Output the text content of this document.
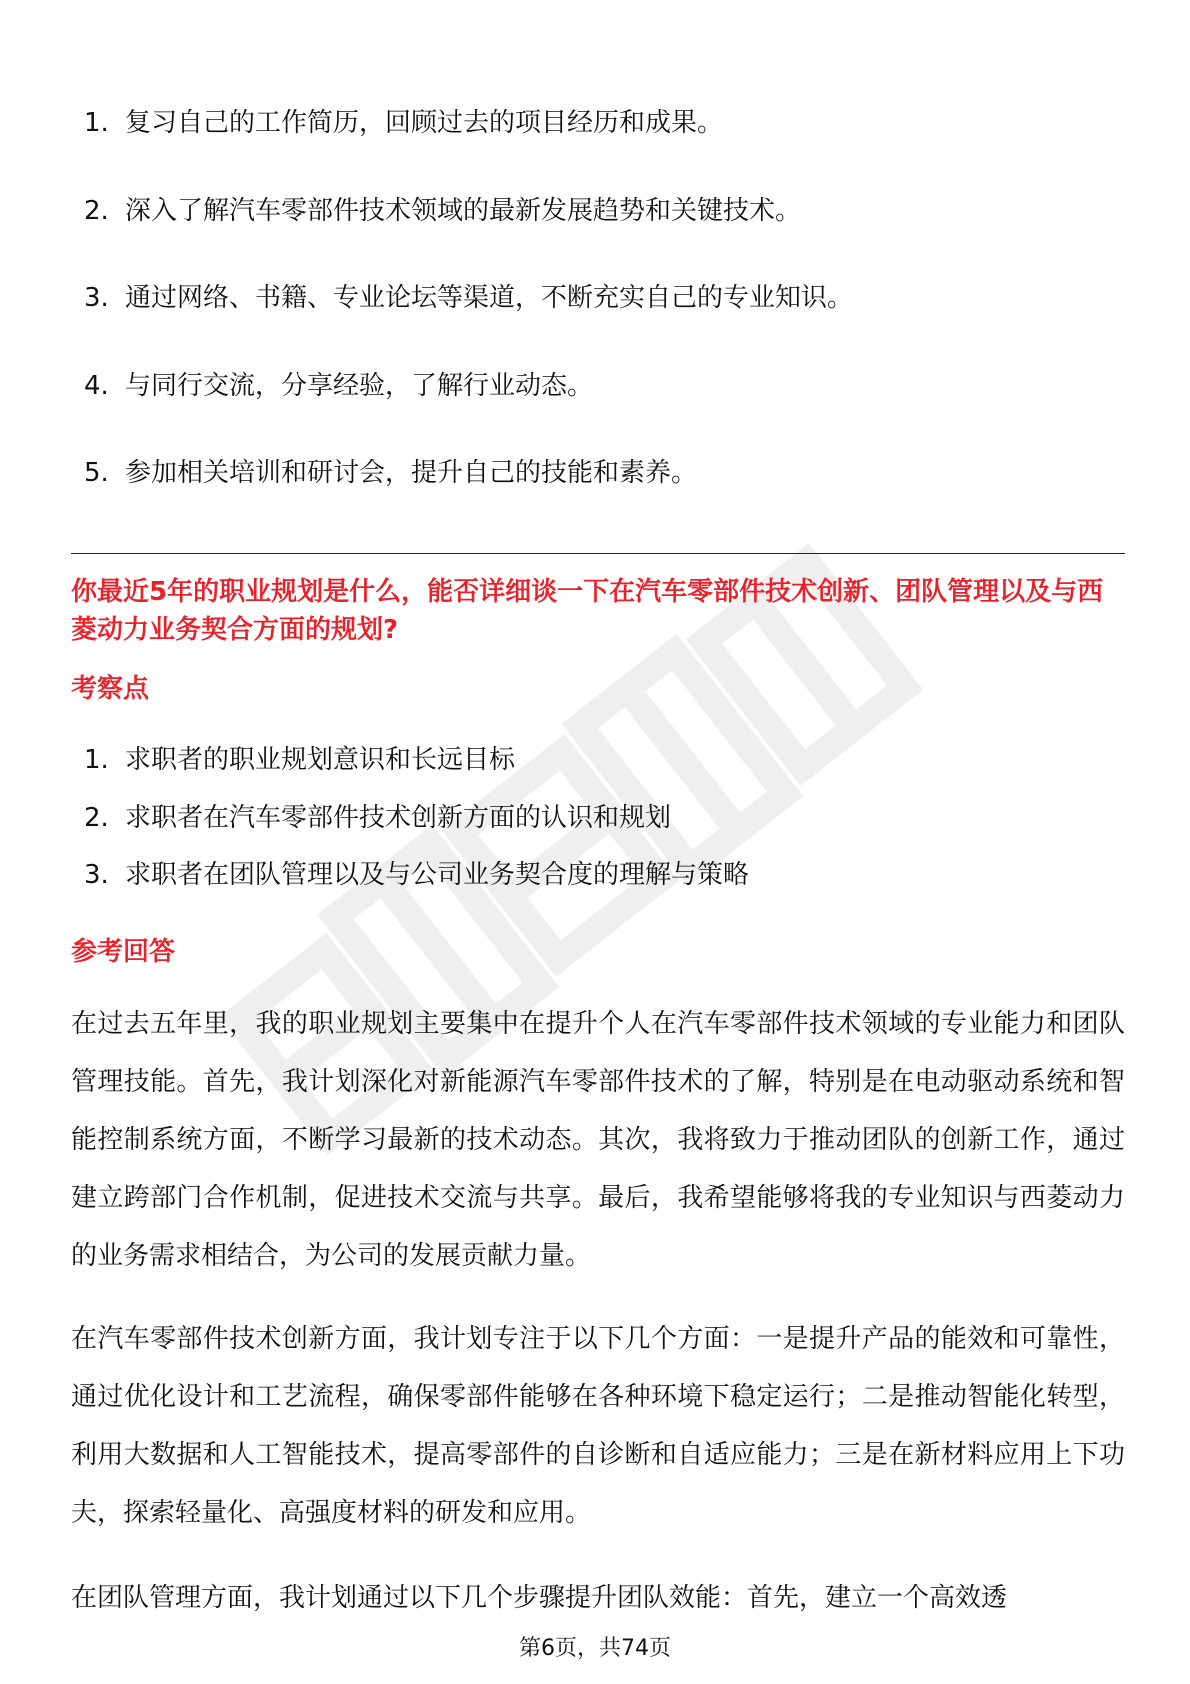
1. 复习自己的工作简历，回顾过去的项目经历和成果。
2. 深入了解汽车零部件技术领域的最新发展趋势和关键技术。
3. 通过网络、书籍、专业论坛等渠道，不断充实自己的专业知识。
4. 与同行交流，分享经验，了解行业动态。
5. 参加相关培训和研讨会，提升自己的技能和素养。
你最近5年的职业规划是什么，能否详细谈一下在汽车零部件技术创新、团队管理以及与西菱动力业务契合方面的规划?
考察点
1. 求职者的职业规划意识和长远目标
2. 求职者在汽车零部件技术创新方面的认识和规划
3. 求职者在团队管理以及与公司业务契合度的理解与策略
参考回答

在过去五年里，我的职业规划主要集中在提升个人在汽车零部件技术领域的专业能力和团队管理技能。首先，我计划深化对新能源汽车零部件技术的了解，特别是在电动驱动系统和智能控制系统方面，不断学习最新的技术动态。其次，我将致力于推动团队的创新工作，通过建立跨部门合作机制，促进技术交流与共享。最后，我希望能够将我的专业知识与西菱动力的业务需求相结合，为公司的发展贡献力量。

在汽车零部件技术创新方面，我计划专注于以下几个方面：一是提升产品的能效和可靠性，通过优化设计和工艺流程，确保零部件能够在各种环境下稳定运行；二是推动智能化转型，利用大数据和人工智能技术，提高零部件的自诊断和自适应能力；三是在新材料应用上下功夫，探索轻量化、高强度材料的研发和应用。

在团队管理方面，我计划通过以下几个步骤提升团队效能：首先，建立一个高效透

第6页，共74页
